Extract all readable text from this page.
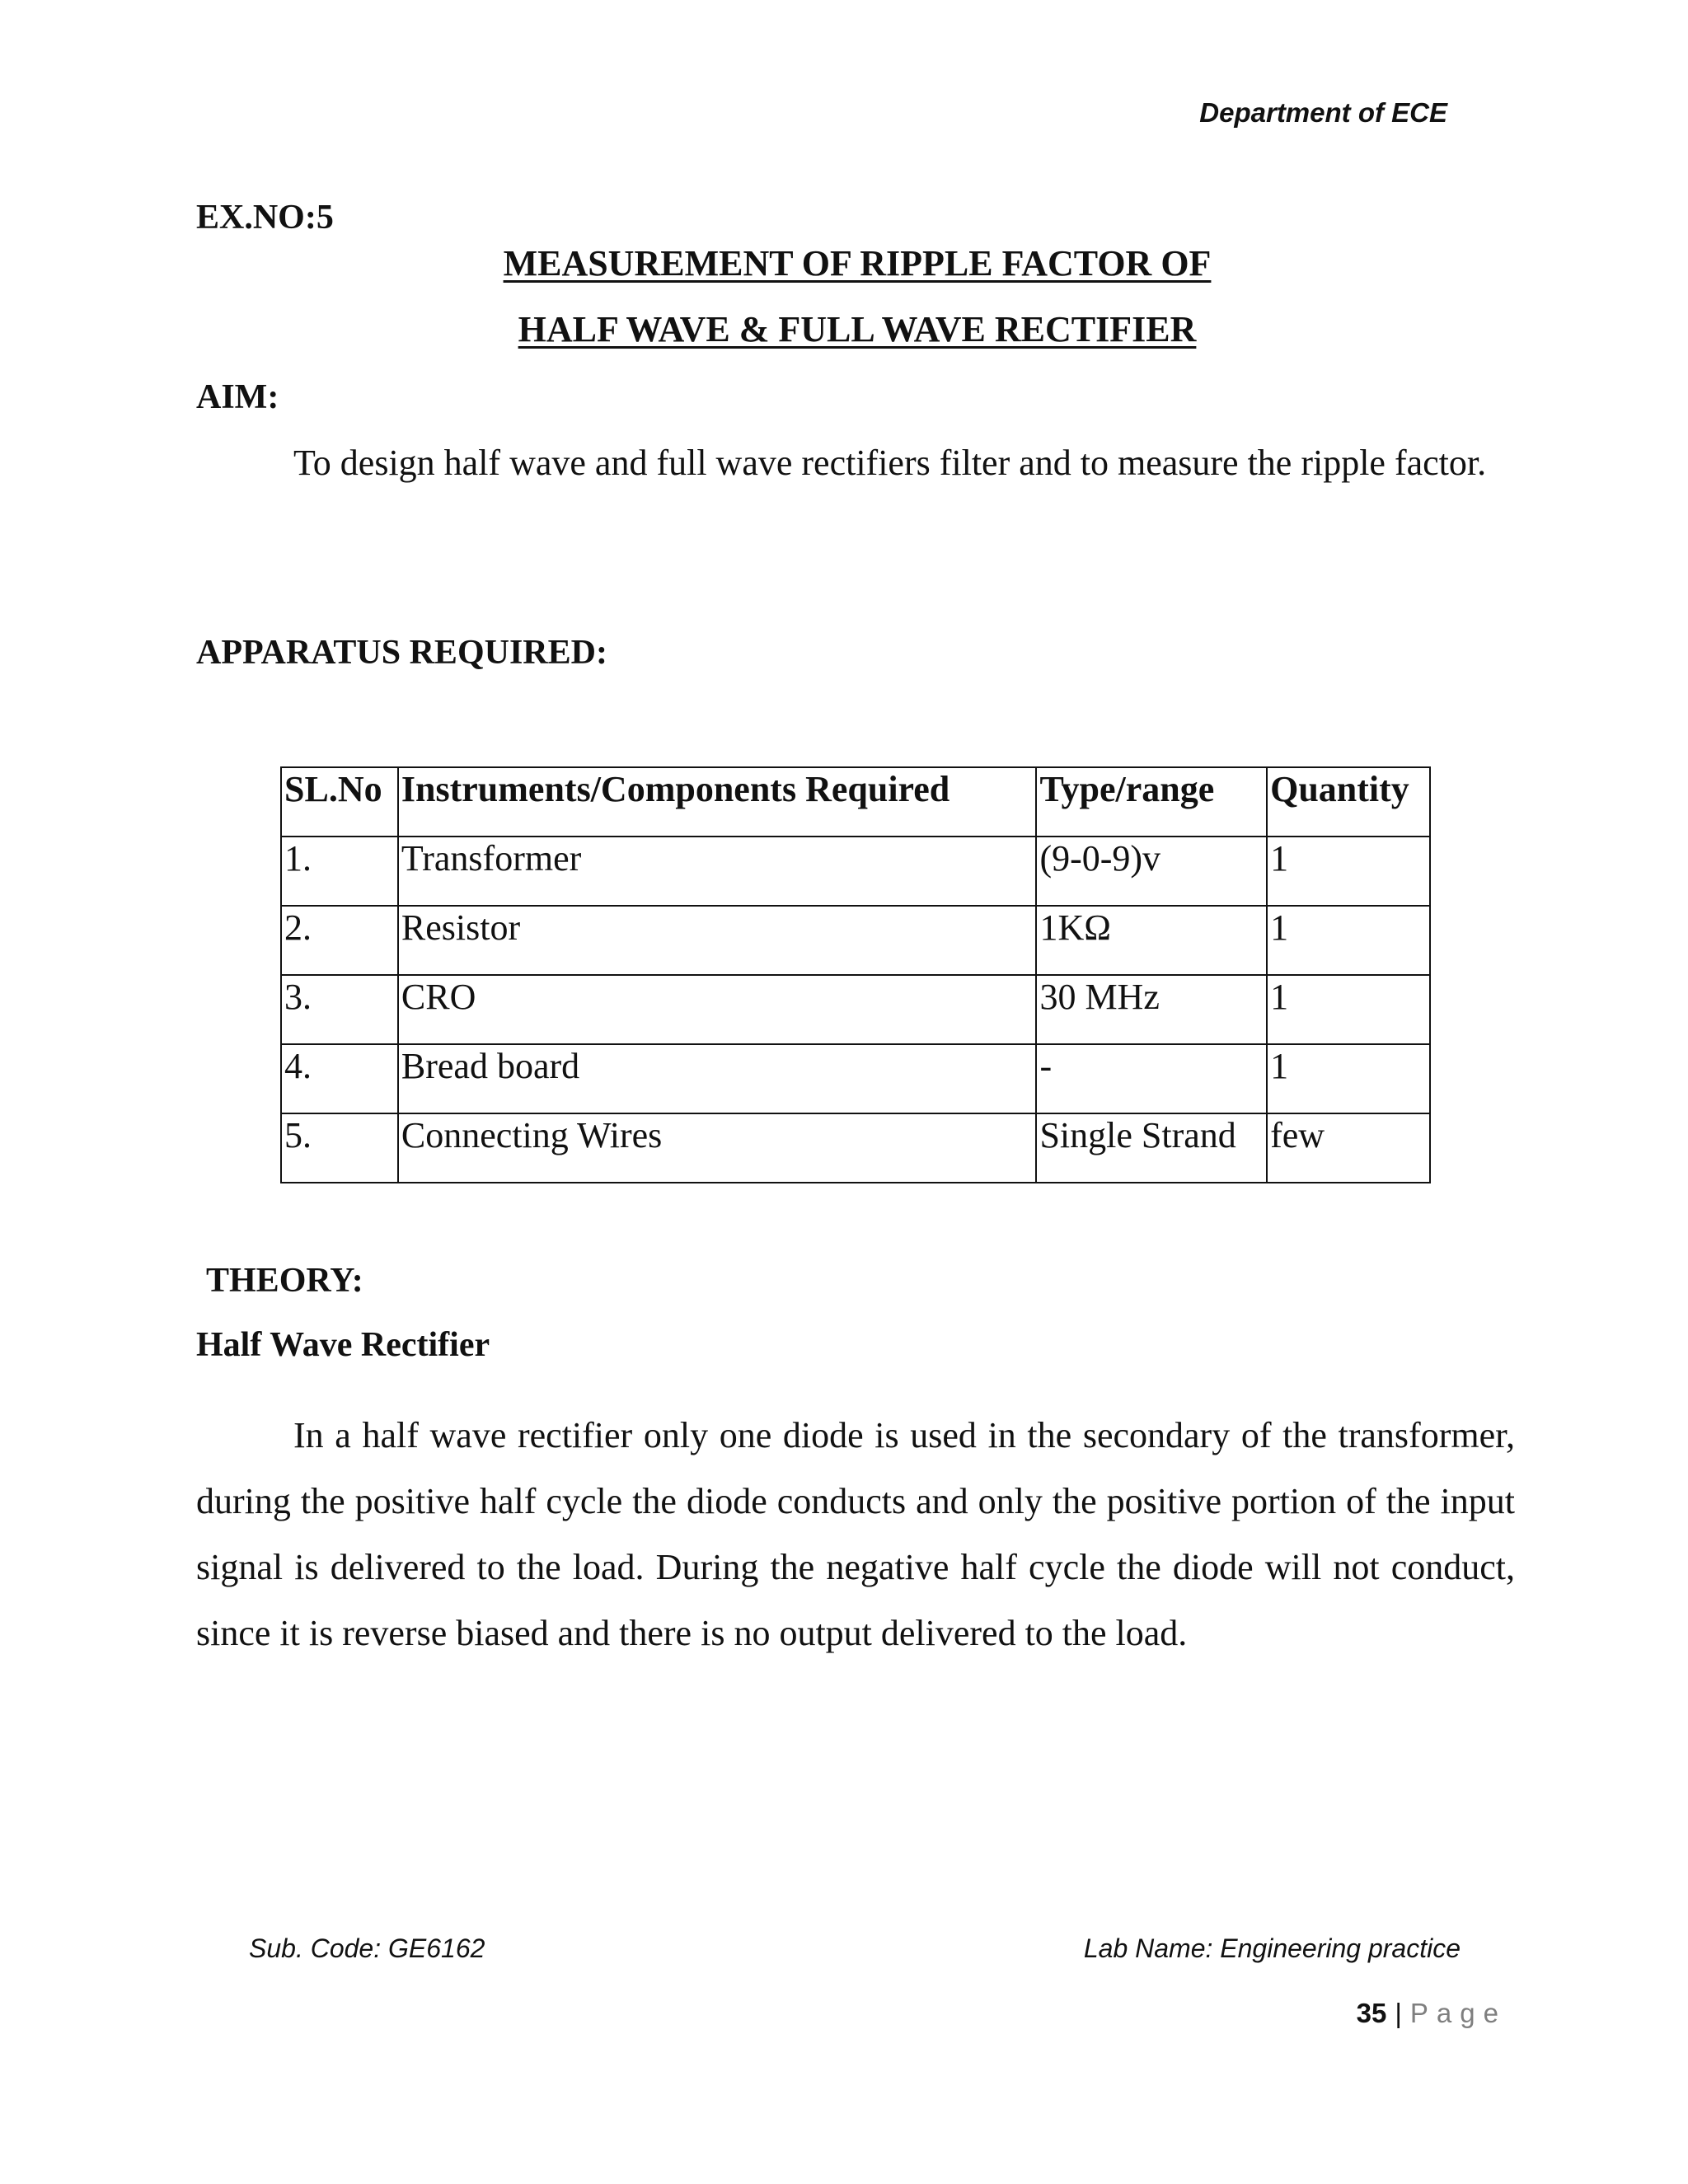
Department of ECE
EX.NO:5
MEASUREMENT OF RIPPLE FACTOR OF
HALF WAVE & FULL WAVE RECTIFIER
AIM:

To design half wave and full wave rectifiers filter and to measure the ripple factor.

APPARATUS REQUIRED:
SL.No	Instruments/Components Required	Type/range	Quantity
1.	Transformer	(9-0-9)v	1
2.	Resistor	1KΩ	1
3.	CRO	30 MHz	1
4.	Bread board	-	1
5.	Connecting Wires	Single Strand	few
THEORY:
Half Wave Rectifier

In a half wave rectifier only one diode is used in the secondary of the transformer, during the positive half cycle the diode conducts and only the positive portion of the input signal is delivered to the load. During the negative half cycle the diode will not conduct, since it is reverse biased and there is no output delivered to the load.

Sub. Code: GE6162	Lab Name: Engineering practice
35 | Page
